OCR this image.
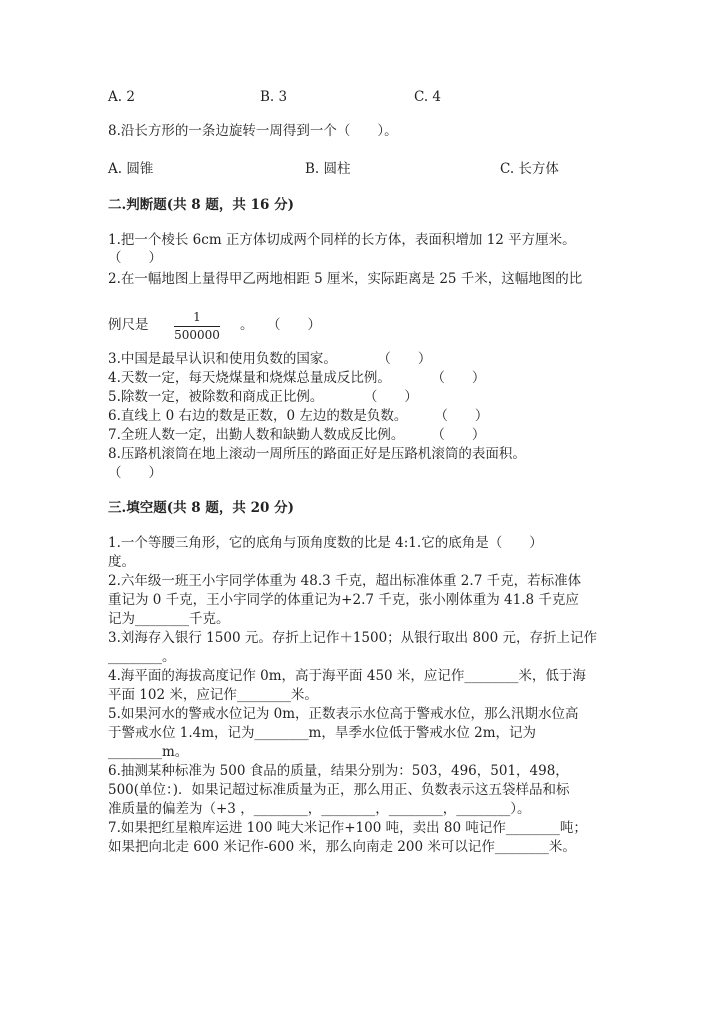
A. 2	B. 3	C. 4
8.沿长方形的一条边旋转一周得到一个（　　）。
A. 圆锥	B. 圆柱	C. 长方体
二.判断题(共 8 题，共 16 分)
1.把一个棱长 6cm 正方体切成两个同样的长方体，表面积增加 12 平方厘米。
（　　）
2.在一幅地图上量得甲乙两地相距 5 厘米，实际距离是 25 千米，这幅地图的比
例尺是	1
500000
。　　（　　）
3.中国是最早认识和使用负数的国家。　　　　（　　）
4.天数一定，每天烧煤量和烧煤总量成反比例。　　　　（　　）
5.除数一定，被除数和商成正比例。　　　　（　　）
6.直线上 0 右边的数是正数，0 左边的数是负数。　　　（　　）
7.全班人数一定，出勤人数和缺勤人数成反比例。　　　（　　）
8.压路机滚筒在地上滚动一周所压的路面正好是压路机滚筒的表面积。
（　　）
三.填空题(共 8 题，共 20 分)
1.一个等腰三角形，它的底角与顶角度数的比是 4:1.它的底角是（　　）
度。
2.六年级一班王小宇同学体重为 48.3 千克，超出标准体重 2.7 千克，若标准体
重记为 0 千克，王小宇同学的体重记为+2.7 千克，张小刚体重为 41.8 千克应
记为________千克。
3.刘海存入银行 1500 元。存折上记作＋1500；从银行取出 800 元，存折上记作
________。
4.海平面的海拔高度记作 0m，高于海平面 450 米，应记作________米，低于海
平面 102 米，应记作________米。
5.如果河水的警戒水位记为 0m，正数表示水位高于警戒水位，那么汛期水位高
于警戒水位 1.4m，记为________m，旱季水位低于警戒水位 2m，记为
________m。
6.抽测某种标准为 500 食品的质量，结果分别为：503，496，501，498，
500(单位：)．如果记超过标准质量为正，那么用正、负数表示这五袋样品和标
准质量的偏差为（+3 ，________，________，________，________）。
7.如果把红星粮库运进 100 吨大米记作+100 吨，卖出 80 吨记作________吨；
如果把向北走 600 米记作-600 米，那么向南走 200 米可以记作________米。
